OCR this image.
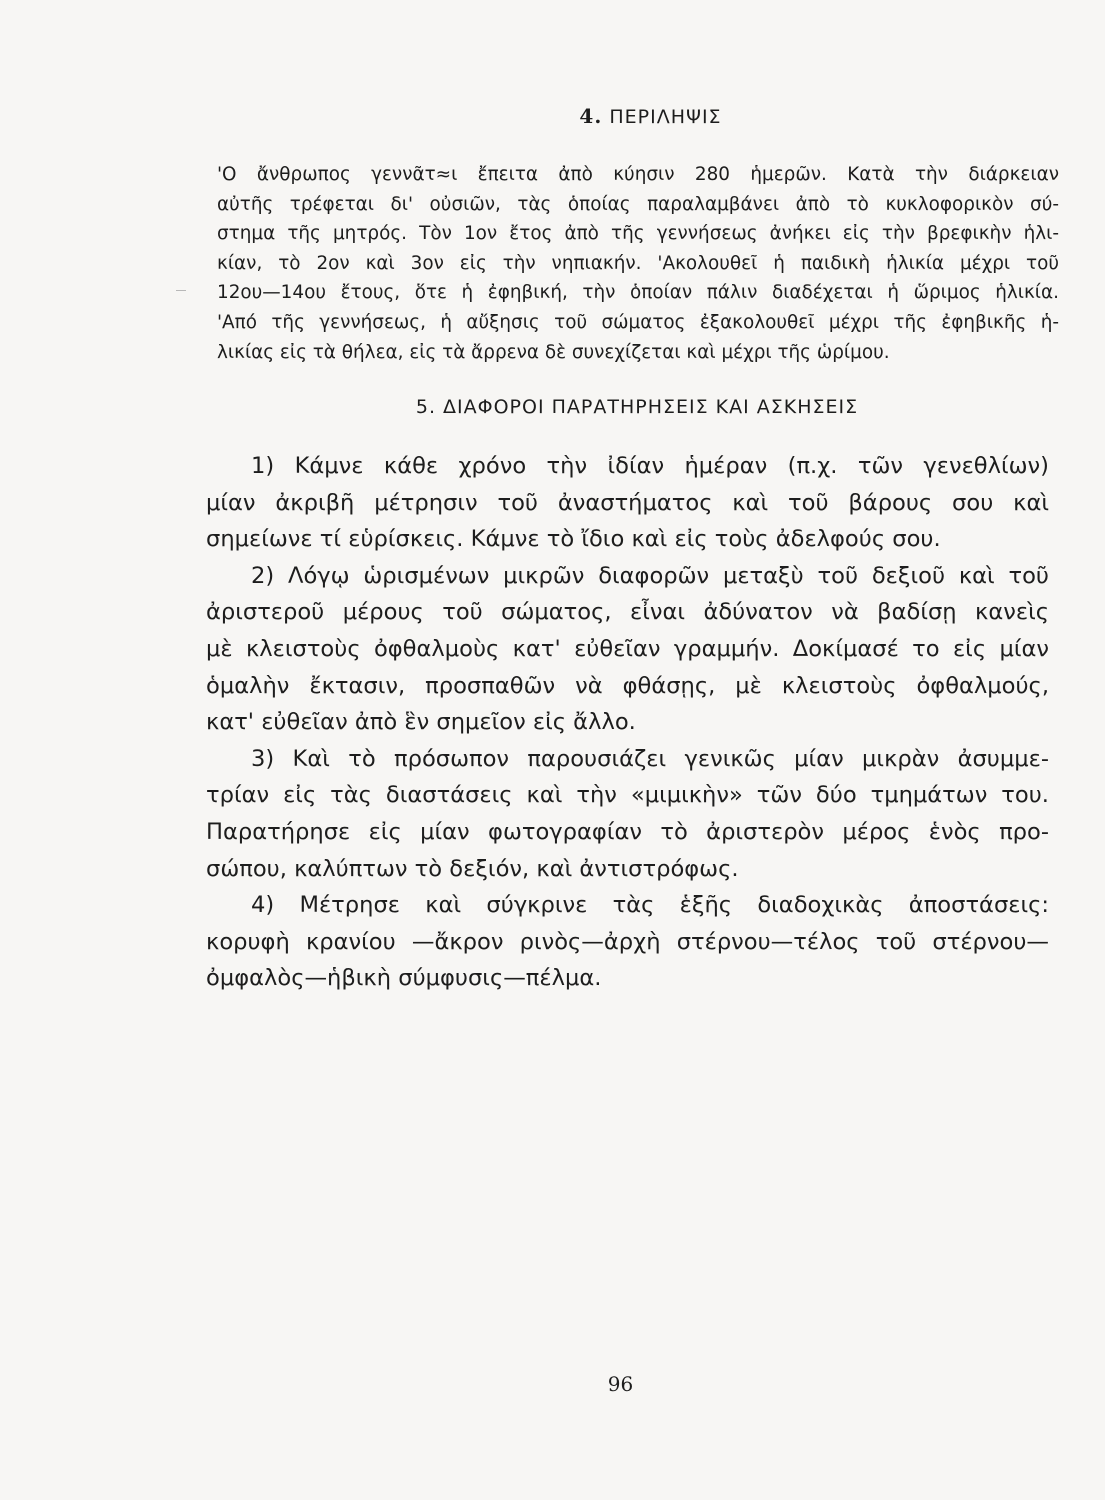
4. ΠΕΡΙΛΗΨΙΣ
'Ο ἄνθρωπος γεννᾶτ≈ι ἔπειτα ἀπὸ κύησιν 280 ἡμερῶν. Κατὰ τὴν διάρκειαν
αὐτῆς τρέφεται δι' οὐσιῶν, τὰς ὁποίας παραλαμβάνει ἀπὸ τὸ κυκλοφορικὸν σύ-
στημα τῆς μητρός. Τὸν 1ον ἔτος ἀπὸ τῆς γεννήσεως ἀνήκει εἰς τὴν βρεφικὴν ἡλι-
κίαν, τὸ 2ον καὶ 3ον εἰς τὴν νηπιακήν. 'Ακολουθεῖ ἡ παιδικὴ ἡλικία μέχρι τοῦ
12ου—14ου ἔτους, ὅτε ἡ ἐφηβική, τὴν ὁποίαν πάλιν διαδέχεται ἡ ὥριμος ἡλικία.
'Από τῆς γεννήσεως, ἡ αὔξησις τοῦ σώματος ἐξακολουθεῖ μέχρι τῆς ἐφηβικῆς ἡ-
λικίας εἰς τὰ θήλεα, εἰς τὰ ἄρρενα δὲ συνεχίζεται καὶ μέχρι τῆς ὡρίμου.
5. ΔΙΑΦΟΡΟΙ ΠΑΡΑΤΗΡΗΣΕΙΣ ΚΑΙ ΑΣΚΗΣΕΙΣ
1) Κάμνε κάθε χρόνο τὴν ἰδίαν ἡμέραν (π.χ. τῶν γενεθλίων)
μίαν ἀκριβῆ μέτρησιν τοῦ ἀναστήματος καὶ τοῦ βάρους σου καὶ
σημείωνε τί εὑρίσκεις. Κάμνε τὸ ἴδιο καὶ εἰς τοὺς ἀδελφούς σου.
2) Λόγῳ ὡρισμένων μικρῶν διαφορῶν μεταξὺ τοῦ δεξιοῦ καὶ τοῦ
ἀριστεροῦ μέρους τοῦ σώματος, εἶναι ἀδύνατον νὰ βαδίσῃ κανεὶς
μὲ κλειστοὺς ὀφθαλμοὺς κατ' εὐθεῖαν γραμμήν. Δοκίμασέ το εἰς μίαν
ὁμαλὴν ἔκτασιν, προσπαθῶν νὰ φθάσῃς, μὲ κλειστοὺς ὀφθαλμούς,
κατ' εὐθεῖαν ἀπὸ ἓν σημεῖον εἰς ἄλλο.
3) Καὶ τὸ πρόσωπον παρουσιάζει γενικῶς μίαν μικρὰν ἀσυμμε-
τρίαν εἰς τὰς διαστάσεις καὶ τὴν «μιμικὴν» τῶν δύο τμημάτων του.
Παρατήρησε εἰς μίαν φωτογραφίαν τὸ ἀριστερὸν μέρος ἑνὸς προ-
σώπου, καλύπτων τὸ δεξιόν, καὶ ἀντιστρόφως.
4) Μέτρησε καὶ σύγκρινε τὰς ἑξῆς διαδοχικὰς ἀποστάσεις:
κορυφὴ κρανίου —ἄκρον ρινὸς—ἀρχὴ στέρνου—τέλος τοῦ στέρνου—
ὀμφαλὸς—ἡβικὴ σύμφυσις—πέλμα.
96
